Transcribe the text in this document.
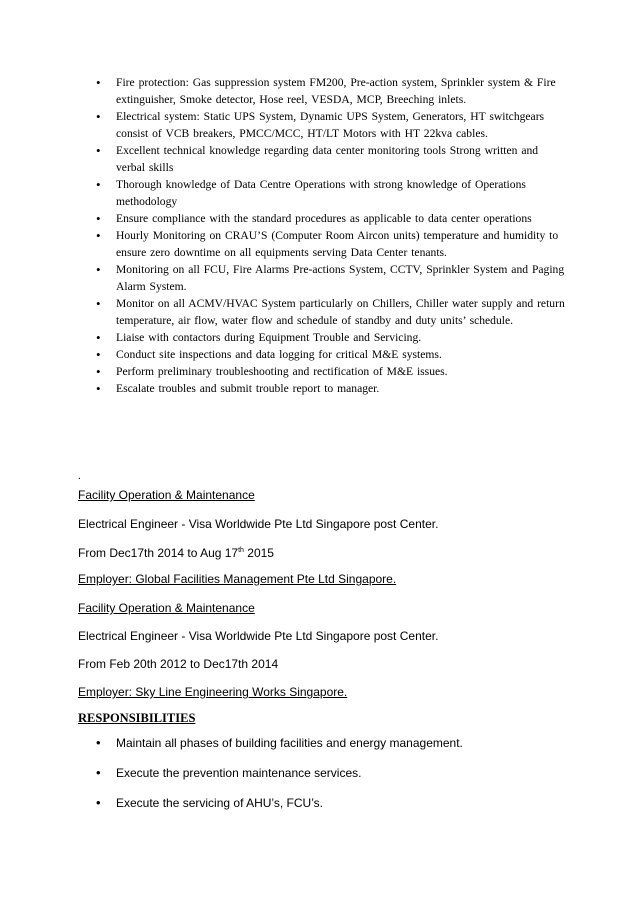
• Fire protection: Gas suppression system FM200, Pre-action system, Sprinkler system & Fire extinguisher, Smoke detector, Hose reel, VESDA, MCP, Breeching inlets.
• Electrical system: Static UPS System, Dynamic UPS System, Generators, HT switchgears consist of VCB breakers, PMCC/MCC, HT/LT Motors with HT 22kva cables.
• Excellent technical knowledge regarding data center monitoring tools Strong written and verbal skills
• Thorough knowledge of Data Centre Operations with strong knowledge of Operations methodology
• Ensure compliance with the standard procedures as applicable to data center operations
• Hourly Monitoring on CRAU’S (Computer Room Aircon units) temperature and humidity to ensure zero downtime on all equipments serving Data Center tenants.
• Monitoring on all FCU, Fire Alarms Pre-actions System, CCTV, Sprinkler System and Paging Alarm System.
• Monitor on all ACMV/HVAC System particularly on Chillers, Chiller water supply and return temperature, air flow, water flow and schedule of standby and duty units’ schedule.
• Liaise with contactors during Equipment Trouble and Servicing.
• Conduct site inspections and data logging for critical M&E systems.
• Perform preliminary troubleshooting and rectification of M&E issues.
• Escalate troubles and submit trouble report to manager.
.

Facility Operation & Maintenance

Electrical Engineer - Visa Worldwide Pte Ltd Singapore post Center.

From Dec17th 2014 to Aug 17th 2015

Employer: Global Facilities Management Pte Ltd Singapore.

Facility Operation & Maintenance

Electrical Engineer - Visa Worldwide Pte Ltd Singapore post Center.

From Feb 20th 2012 to Dec17th 2014

Employer: Sky Line Engineering Works Singapore.

RESPONSIBILITIES

• Maintain all phases of building facilities and energy management.
• Execute the prevention maintenance services.
• Execute the servicing of AHU’s, FCU’s.
